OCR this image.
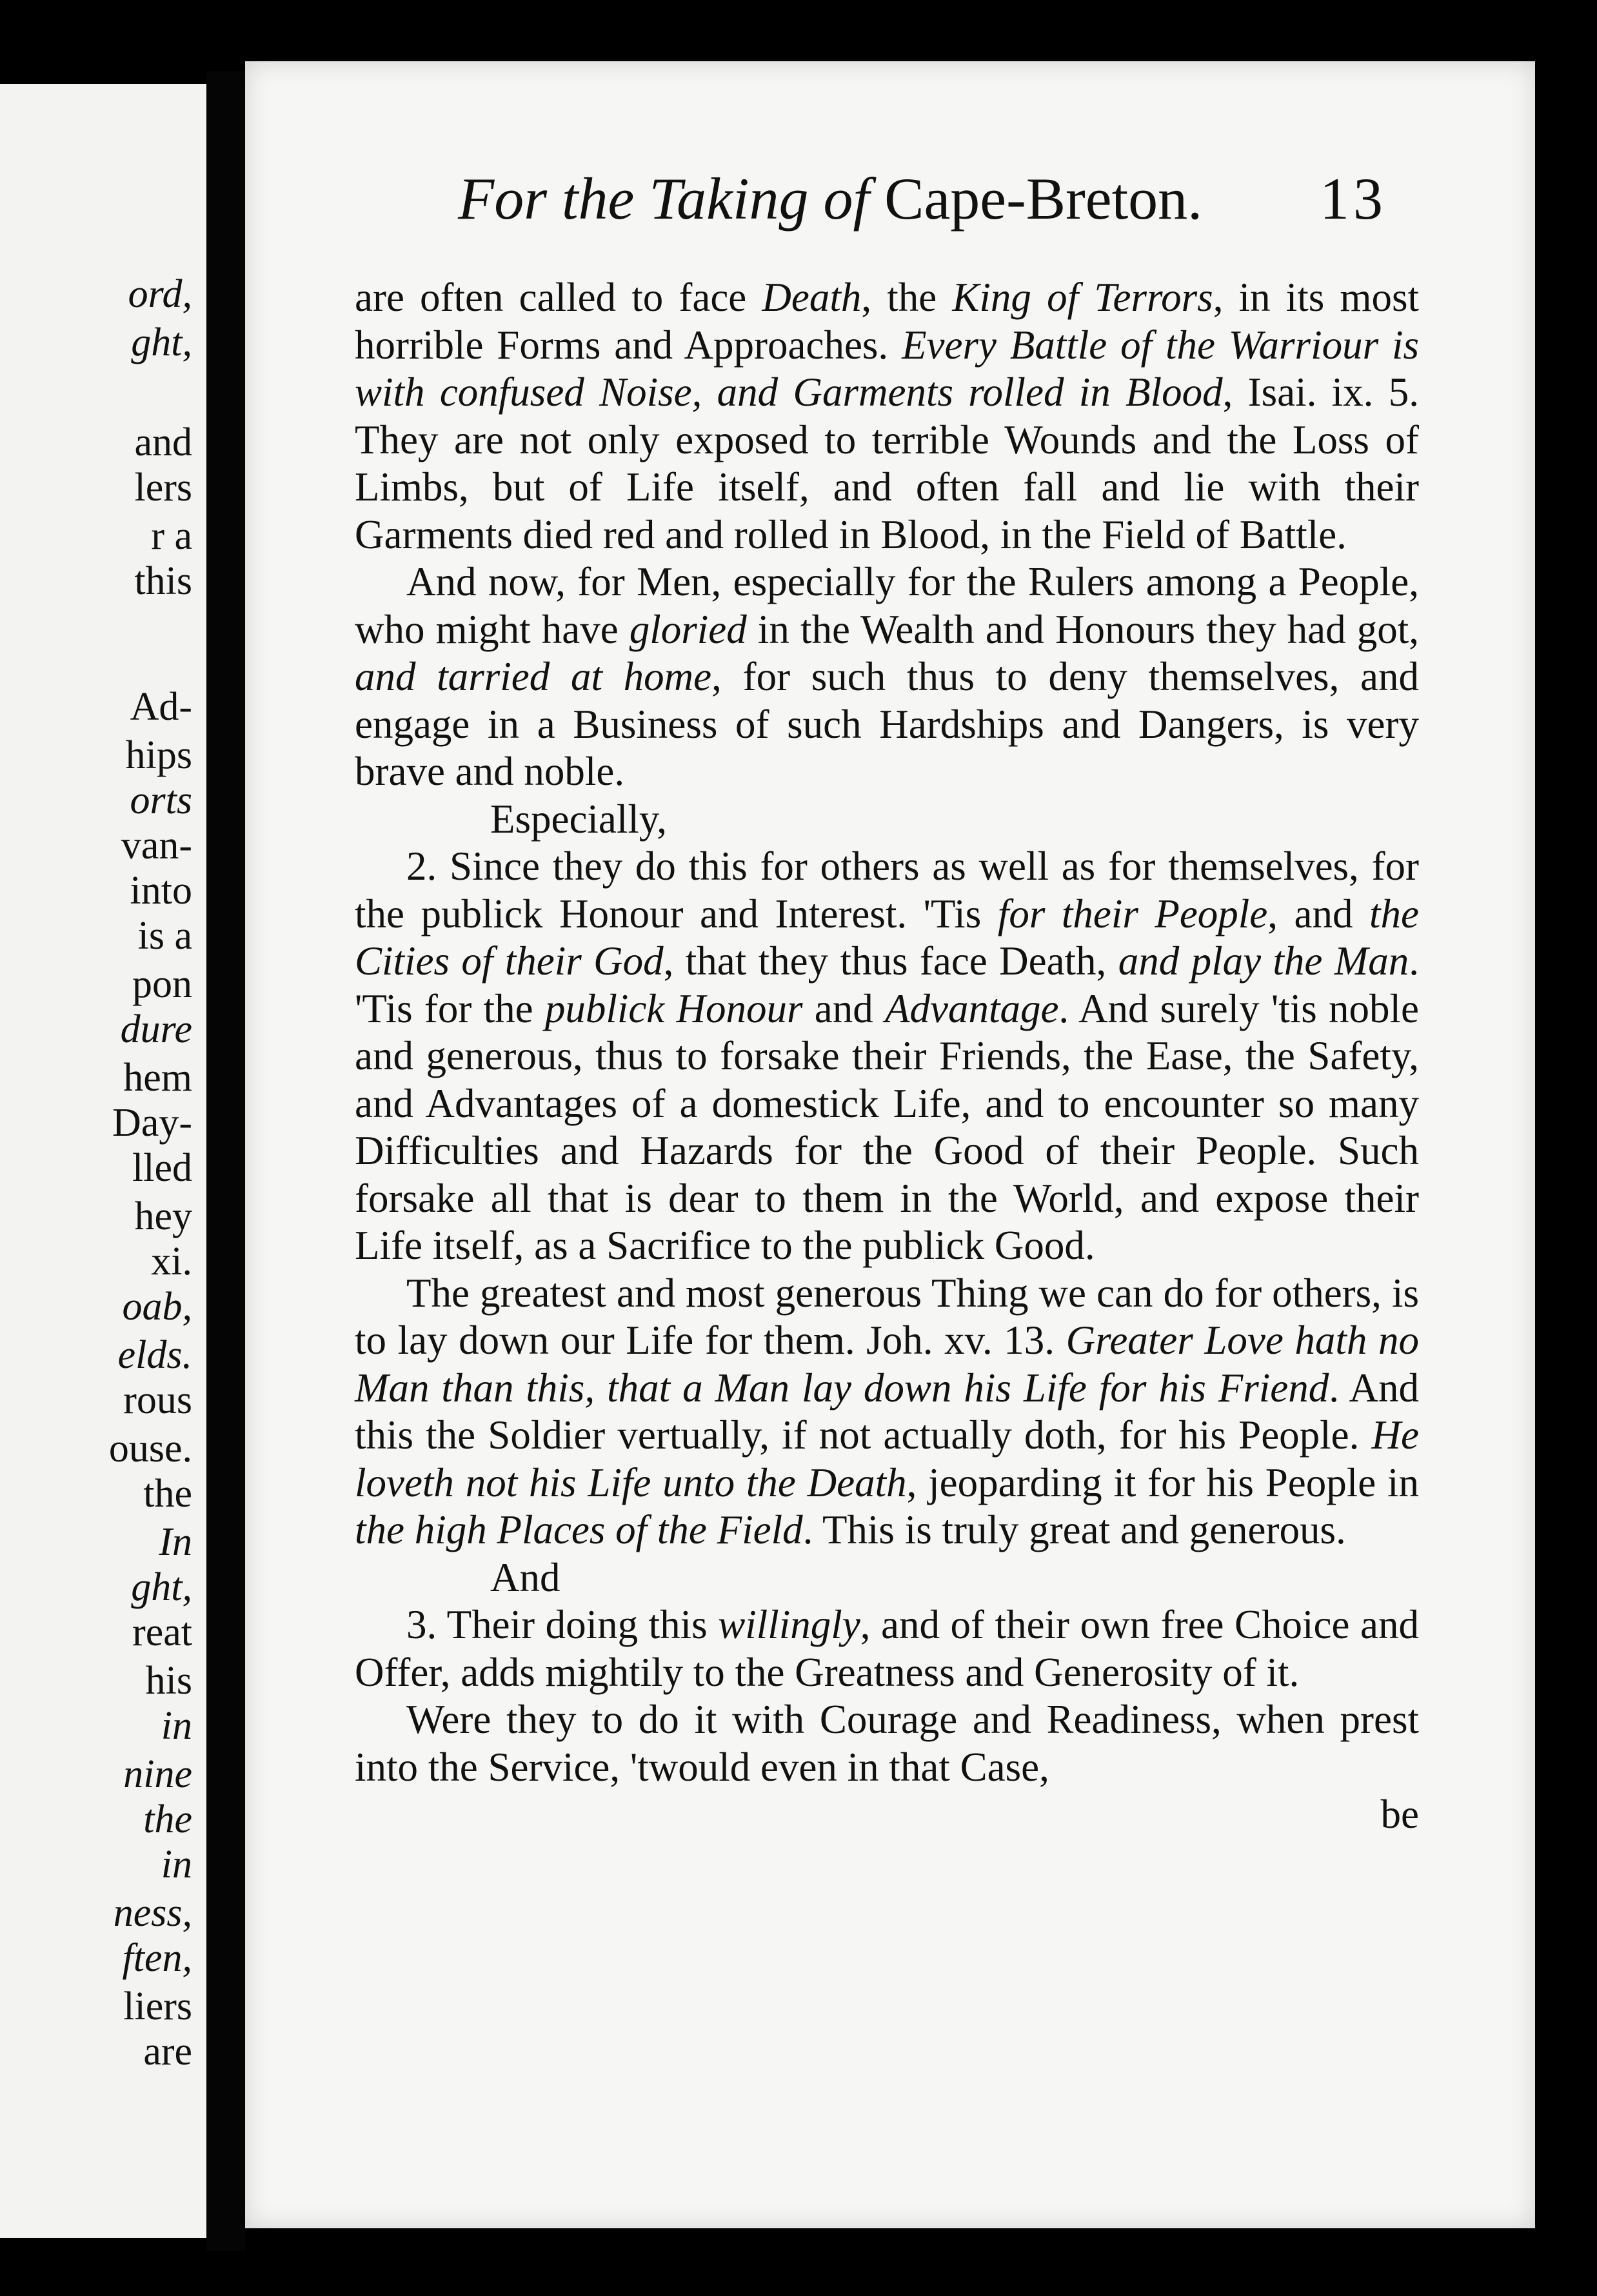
ord,
ght,
and
lers
r a
this
Ad-
hips
orts
van-
into
is a
pon
dure
hem
Day-
lled
hey
xi.
oab,
elds.
rous
ouse.
the
In
ght,
reat
his
in
nine
the
in
ness,
ften,
liers
are
For the Taking of Cape-Breton. 13

are often called to face Death, the King of Terrors, in its most horrible Forms and Approaches. Every Battle of the Warriour is with confused Noise, and Garments rolled in Blood, Isai. ix. 5. They are not only exposed to terrible Wounds and the Loss of Limbs, but of Life itself, and often fall and lie with their Garments died red and rolled in Blood, in the Field of Battle.

And now, for Men, especially for the Rulers among a People, who might have gloried in the Wealth and Honours they had got, and tarried at home, for such thus to deny themselves, and engage in a Business of such Hardships and Dangers, is very brave and noble.

Especially,

2. Since they do this for others as well as for themselves, for the publick Honour and Interest. 'Tis for their People, and the Cities of their God, that they thus face Death, and play the Man. 'Tis for the publick Honour and Advantage. And surely 'tis noble and generous, thus to forsake their Friends, the Ease, the Safety, and Advantages of a domestick Life, and to encounter so many Difficulties and Hazards for the Good of their People. Such forsake all that is dear to them in the World, and expose their Life itself, as a Sacrifice to the publick Good.

The greatest and most generous Thing we can do for others, is to lay down our Life for them. Joh. xv. 13. Greater Love hath no Man than this, that a Man lay down his Life for his Friend. And this the Soldier vertually, if not actually doth, for his People. He loveth not his Life unto the Death, jeoparding it for his People in the high Places of the Field. This is truly great and generous.

And

3. Their doing this willingly, and of their own free Choice and Offer, adds mightily to the Greatness and Generosity of it.

Were they to do it with Courage and Readiness, when prest into the Service, 'twould even in that Case,

be
